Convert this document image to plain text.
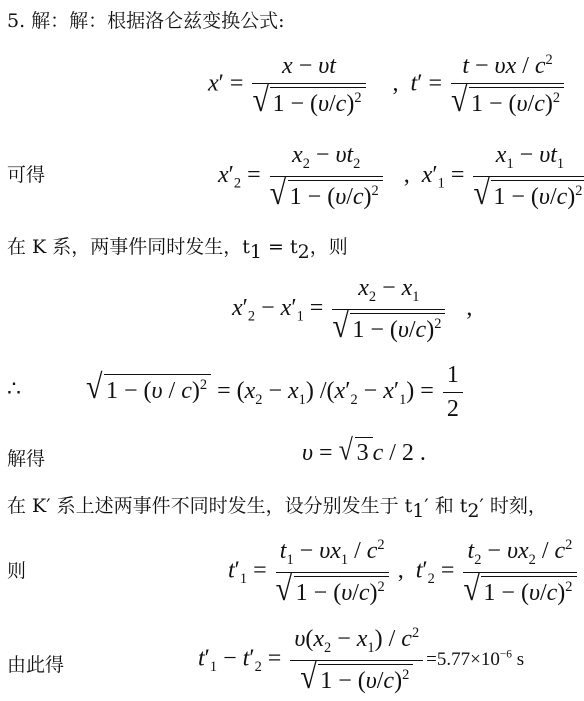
5. 解：解：根据洛仑兹变换公式:
$x' = \frac{x - \upsilon t}{√ 1 - (\upsilon/c)^2}$ ,  $t' = \frac{t - \upsilon x / c^2}{√ 1 - (\upsilon/c)^2}$
可得	$x'_2 = \frac{x_2 - \upsilon t_2}{√ 1 - (\upsilon/c)^2}$ ,  $x'_1 = \frac{x_1 - \upsilon t_1}{√ 1 - (\upsilon/c)^2}$
在 K 系，两事件同时发生，$t_1 = t_2$，则
$x'_2 - x'_1 = \frac{x_2 - x_1}{√ 1 - (\upsilon/c)^2}$ ,
∴ √ $1 - (\upsilon / c)^2 = (x_2 - x_1) /(x'_2 - x'_1) = \frac{1}{2}$
解得	υ = √ 3 c / 2 .
在 K′ 系上述两事件不同时发生，设分别发生于 $t_1'$ 和 $t_2'$ 时刻，
则	$t'_1 = \frac{t_1 - \upsilon x_1 / c^2}{√ 1 - (\upsilon/c)^2}$ ,  $t'_2 = \frac{t_2 - \upsilon x_2 / c^2}{√ 1 - (\upsilon/c)^2}$
由此得	$t'_1 - t'_2 = \frac{\upsilon(x_2 - x_1) / c^2}{√ 1 - (\upsilon/c)^2} =5.77\times 10^{-6}$ s
